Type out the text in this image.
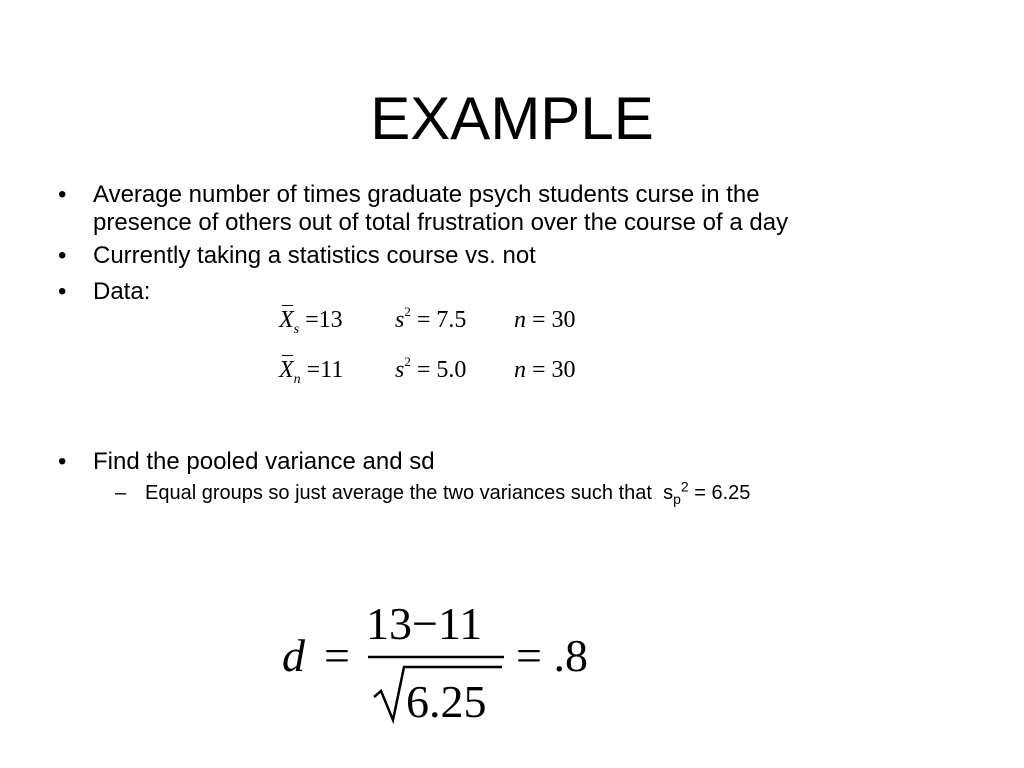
EXAMPLE
• Average number of times graduate psych students curse in the
presence of others out of total frustration over the course of a day
• Currently taking a statistics course vs. not
• Data:
$X_s =13$ $s^2 = 7.5$ n = 30
$X_n =11$ $s^2 = 5.0$ n = 30
• Find the pooled variance and sd
– Equal groups so just average the two variances such that $s_p^2 = 6.25$
d =
13−11
6.25
= .8
